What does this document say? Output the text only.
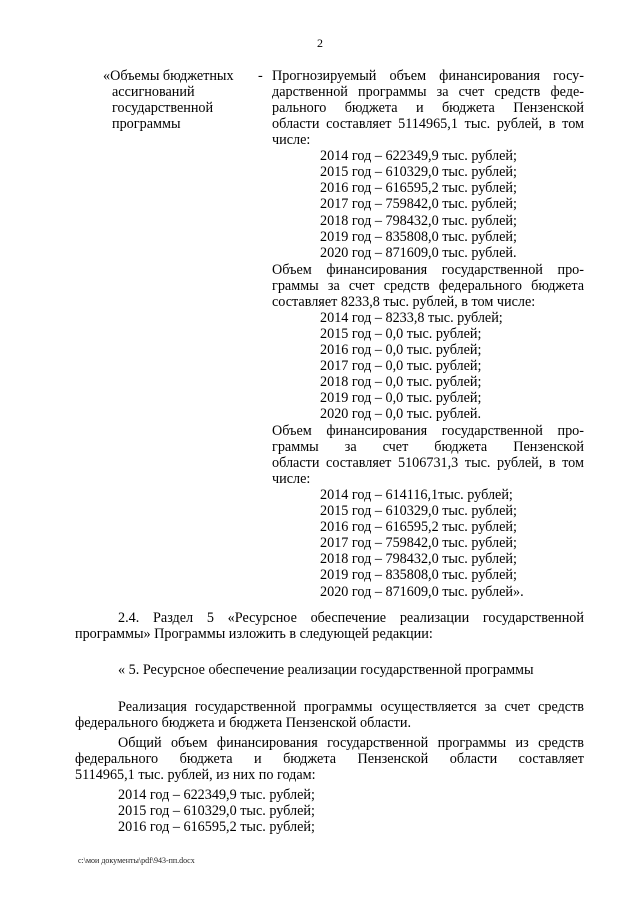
2
«Объемы бюджетных
ассигнований
государственной
программы
- Прогнозируемый объем финансирования госу-
дарственной программы за счет средств феде-
рального бюджета и бюджета Пензенской
области составляет 5114965,1 тыс. рублей, в том
числе:
2014 год – 622349,9 тыс. рублей;
2015 год – 610329,0 тыс. рублей;
2016 год – 616595,2 тыс. рублей;
2017 год – 759842,0 тыс. рублей;
2018 год – 798432,0 тыс. рублей;
2019 год – 835808,0 тыс. рублей;
2020 год – 871609,0 тыс. рублей.
Объем финансирования государственной про-
граммы за счет средств федерального бюджета
составляет 8233,8 тыс. рублей, в том числе:
2014 год – 8233,8 тыс. рублей;
2015 год – 0,0 тыс. рублей;
2016 год – 0,0 тыс. рублей;
2017 год – 0,0 тыс. рублей;
2018 год – 0,0 тыс. рублей;
2019 год – 0,0 тыс. рублей;
2020 год – 0,0 тыс. рублей.
Объем финансирования государственной про-
граммы за счет бюджета Пензенской
области составляет 5106731,3 тыс. рублей, в том
числе:
2014 год – 614116,1тыс. рублей;
2015 год – 610329,0 тыс. рублей;
2016 год – 616595,2 тыс. рублей;
2017 год – 759842,0 тыс. рублей;
2018 год – 798432,0 тыс. рублей;
2019 год – 835808,0 тыс. рублей;
2020 год – 871609,0 тыс. рублей».
2.4. Раздел 5 «Ресурсное обеспечение реализации государственной
программы» Программы изложить в следующей редакции:
« 5. Ресурсное обеспечение реализации государственной программы
Реализация государственной программы осуществляется за счет средств
федерального бюджета и бюджета Пензенской области.
Общий объем финансирования государственной программы из средств
федерального бюджета и бюджета Пензенской области составляет
5114965,1 тыс. рублей, из них по годам:
2014 год – 622349,9 тыс. рублей;
2015 год – 610329,0 тыс. рублей;
2016 год – 616595,2 тыс. рублей;
c:\мои документы\pdf\943-пп.docx
